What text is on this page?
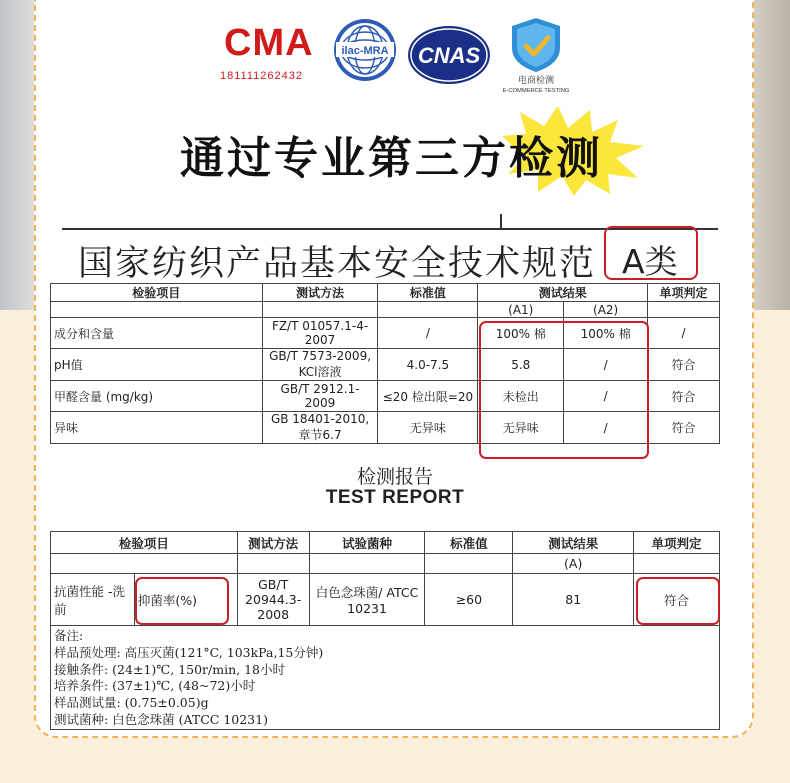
CMA
181111262432
ilac-MRA CNAS
电商检测
E-COMMERCE TESTING
通过专业第三方检测
国家纺织产品基本安全技术规范 A类
检验项目	测试方法	标准值	测试结果		单项判定
			(A1)	(A2)	
成分和含量	FZ/T 01057.1-4-2007	/	100% 棉	100% 棉	/
pH值	GB/T 7573-2009, KCl溶液	4.0-7.5	5.8	/	符合
甲醛含量 (mg/kg)	GB/T 2912.1-2009	≤20 检出限=20	未检出	/	符合
异味	GB 18401-2010, 章节6.7	无异味	无异味	/	符合
检测报告
TEST REPORT
检验项目		测试方法	试验菌种	标准值	测试结果	单项判定
					(A)	
抗菌性能 -洗前	抑菌率(%)	GB/T 20944.3-2008	白色念珠菌/ ATCC 10231	≥60	81	符合
备注:
样品预处理: 高压灭菌(121°C, 103kPa,15分钟)
接触条件: (24±1)℃, 150r/min, 18小时
培养条件: (37±1)℃, (48~72)小时
样品测试量: (0.75±0.05)g
测试菌种: 白色念珠菌 (ATCC 10231)
